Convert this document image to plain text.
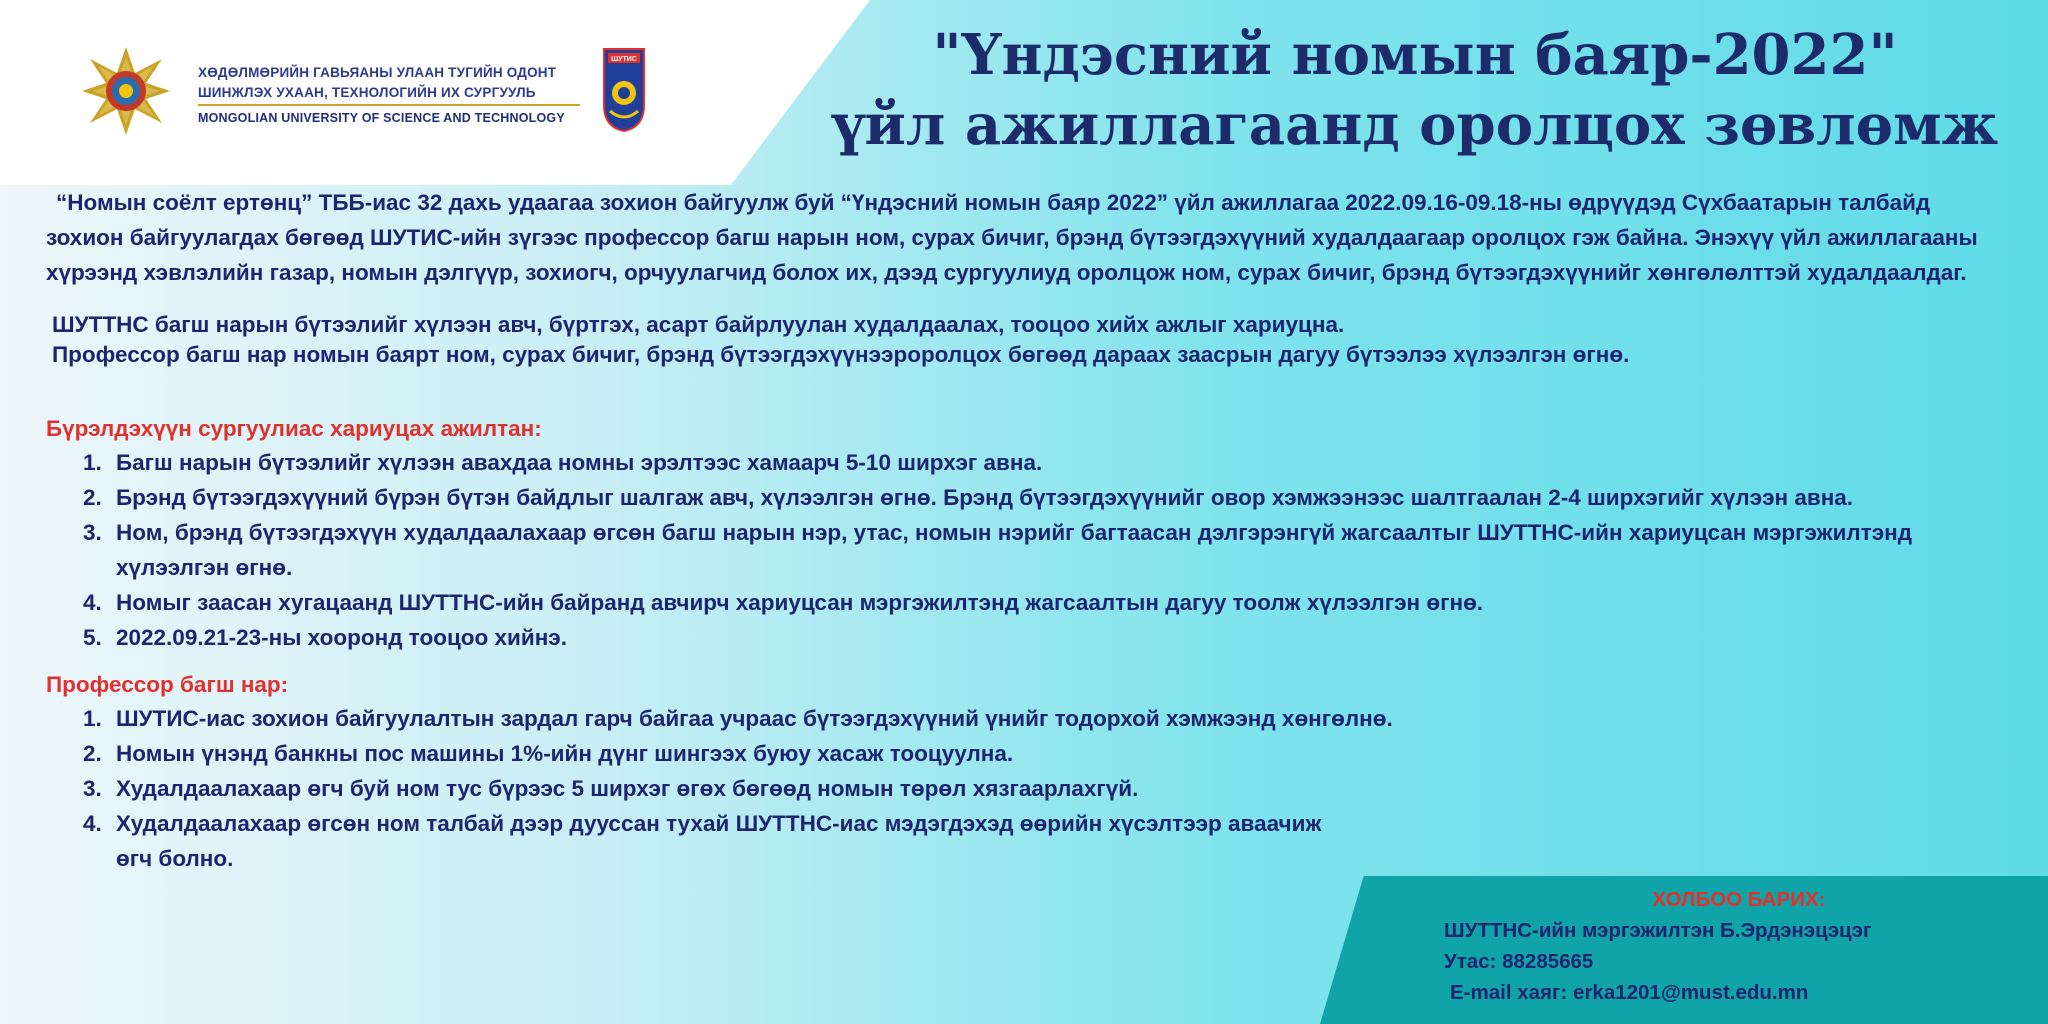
ХӨДӨЛМӨРИЙН ГАВЬЯАНЫ УЛААН ТУГИЙН ОДОНТ
ШИНЖЛЭХ УХААН, ТЕХНОЛОГИЙН ИХ СУРГУУЛЬ
MONGOLIAN UNIVERSITY OF SCIENCE AND TECHNOLOGY
ШУТИС	"Үндэсний номын баяр-2022"
үйл ажиллагаанд оролцох зөвлөмж

“Номын соёлт ертөнц” ТББ-иас 32 дахь удаагаа зохион байгуулж буй “Үндэсний номын баяр 2022” үйл ажиллагаа 2022.09.16-09.18-ны өдрүүдэд Сүхбаатарын талбайд зохион байгуулагдах бөгөөд ШУТИС-ийн зүгээс профессор багш нарын ном, сурах бичиг, брэнд бүтээгдэхүүний худалдаагаар оролцох гэж байна. Энэхүү үйл ажиллагааны хүрээнд хэвлэлийн газар, номын дэлгүүр, зохиогч, орчуулагчид болох их, дээд сургуулиуд оролцож ном, сурах бичиг, брэнд бүтээгдэхүүнийг хөнгөлөлттэй худалдаалдаг.

ШУТТНС багш нарын бүтээлийг хүлээн авч, бүртгэх, асарт байрлуулан худалдаалах, тооцоо хийх ажлыг хариуцна.
Профессор багш нар номын баярт ном, сурах бичиг, брэнд бүтээгдэхүүнээроролцох бөгөөд дараах заасрын дагуу бүтээлээ хүлээлгэн өгнө.

Бүрэлдэхүүн сургуулиас хариуцах ажилтан:

1. Багш нарын бүтээлийг хүлээн авахдаа номны эрэлтээс хамаарч 5-10 ширхэг авна.
2. Брэнд бүтээгдэхүүний бүрэн бүтэн байдлыг шалгаж авч, хүлээлгэн өгнө. Брэнд бүтээгдэхүүнийг овор хэмжээнээс шалтгаалан 2-4 ширхэгийг хүлээн авна.
3. Ном, брэнд бүтээгдэхүүн худалдаалахаар өгсөн багш нарын нэр, утас, номын нэрийг багтаасан дэлгэрэнгүй жагсаалтыг ШУТТНС-ийн хариуцсан мэргэжилтэнд хүлээлгэн өгнө.
4. Номыг заасан хугацаанд ШУТТНС-ийн байранд авчирч хариуцсан мэргэжилтэнд жагсаалтын дагуу тоолж хүлээлгэн өгнө.
5. 2022.09.21-23-ны хооронд тооцоо хийнэ.

Профессор багш нар:

1. ШУТИС-иас зохион байгуулалтын зардал гарч байгаа учраас бүтээгдэхүүний үнийг тодорхой хэмжээнд хөнгөлнө.
2. Номын үнэнд банкны пос машины 1%-ийн дүнг шингээх буюу хасаж тооцуулна.
3. Худалдаалахаар өгч буй ном тус бүрээс 5 ширхэг өгөх бөгөөд номын төрөл хязгаарлахгүй.
4. Худалдаалахаар өгсөн ном талбай дээр дууссан тухай ШУТТНС-иас мэдэгдэхэд өөрийн хүсэлтээр аваачиж өгч болно.
ХОЛБОО БАРИХ:
ШУТТНС-ийн мэргэжилтэн Б.Эрдэнэцэцэг
Утас: 88285665
E-mail хаяг: erka1201@must.edu.mn
